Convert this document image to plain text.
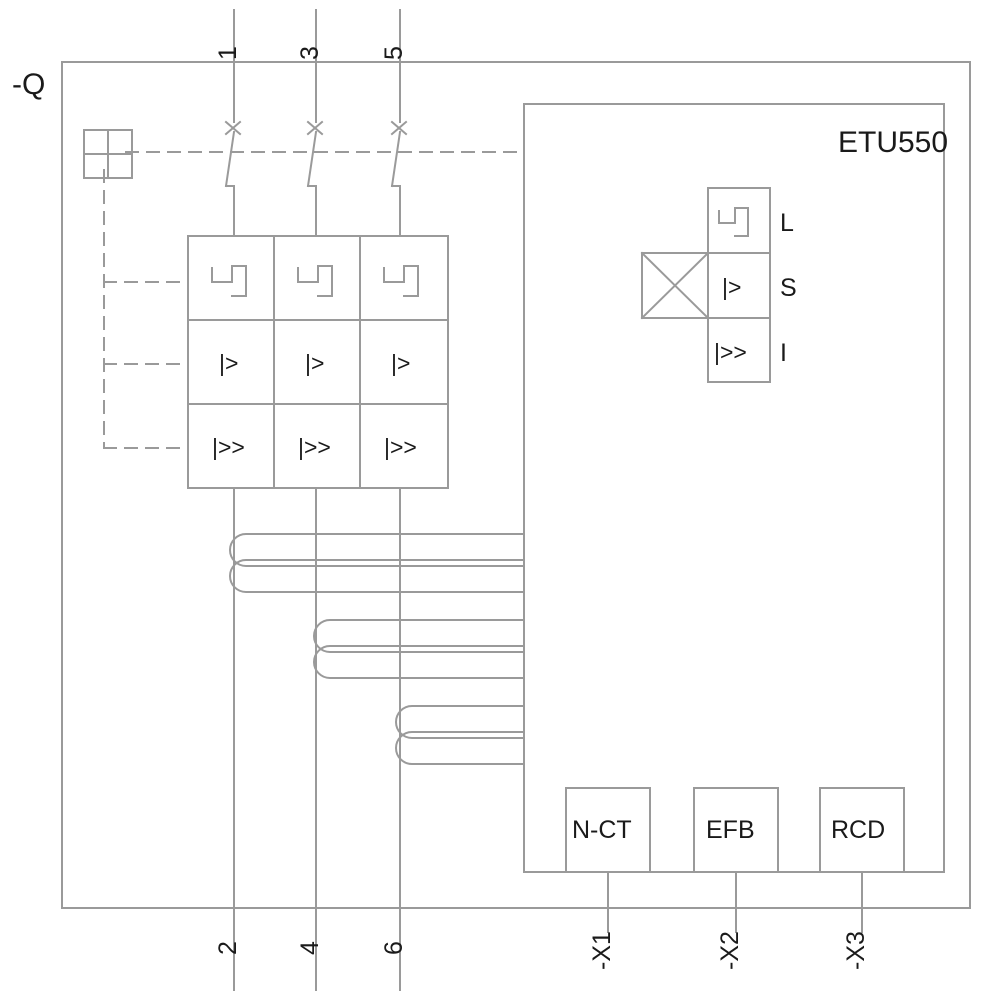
-Q
ETU550
1 3 5
2 4 6
|>	|>	|>
|>> |>> |>>
|>
|>>
L
S
I
N-CT	EFB	RCD
-X1	-X2	-X3
